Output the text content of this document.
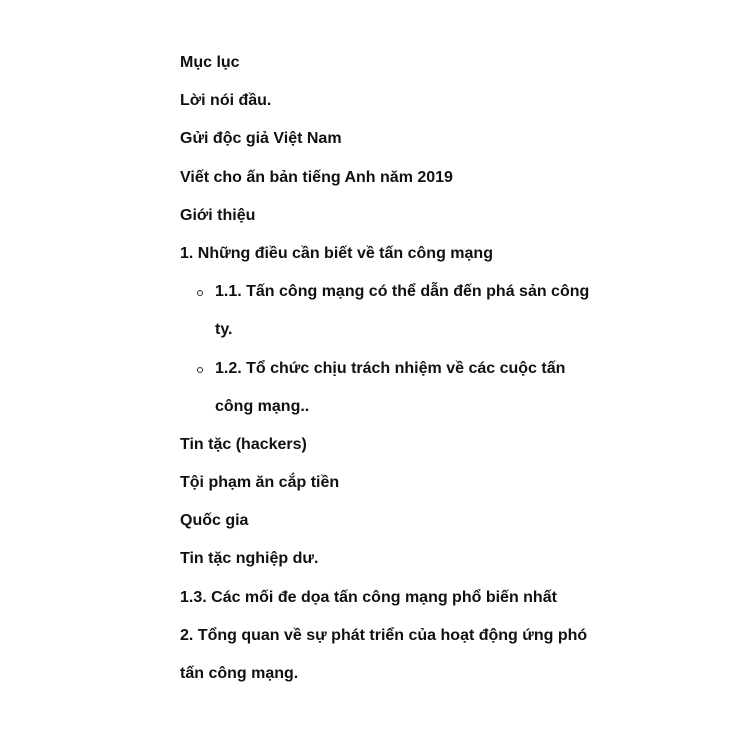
Mục lục
Lời nói đầu.
Gửi độc giả Việt Nam
Viết cho ấn bản tiếng Anh năm 2019
Giới thiệu
1. Những điều cần biết về tấn công mạng
1.1. Tấn công mạng có thể dẫn đến phá sản công
ty.
1.2. Tổ chức chịu trách nhiệm về các cuộc tấn
công mạng..
Tin tặc (hackers)
Tội phạm ăn cắp tiền
Quốc gia
Tin tặc nghiệp dư.
1.3. Các mối đe dọa tấn công mạng phổ biến nhất
2. Tổng quan về sự phát triển của hoạt động ứng phó
tấn công mạng.
